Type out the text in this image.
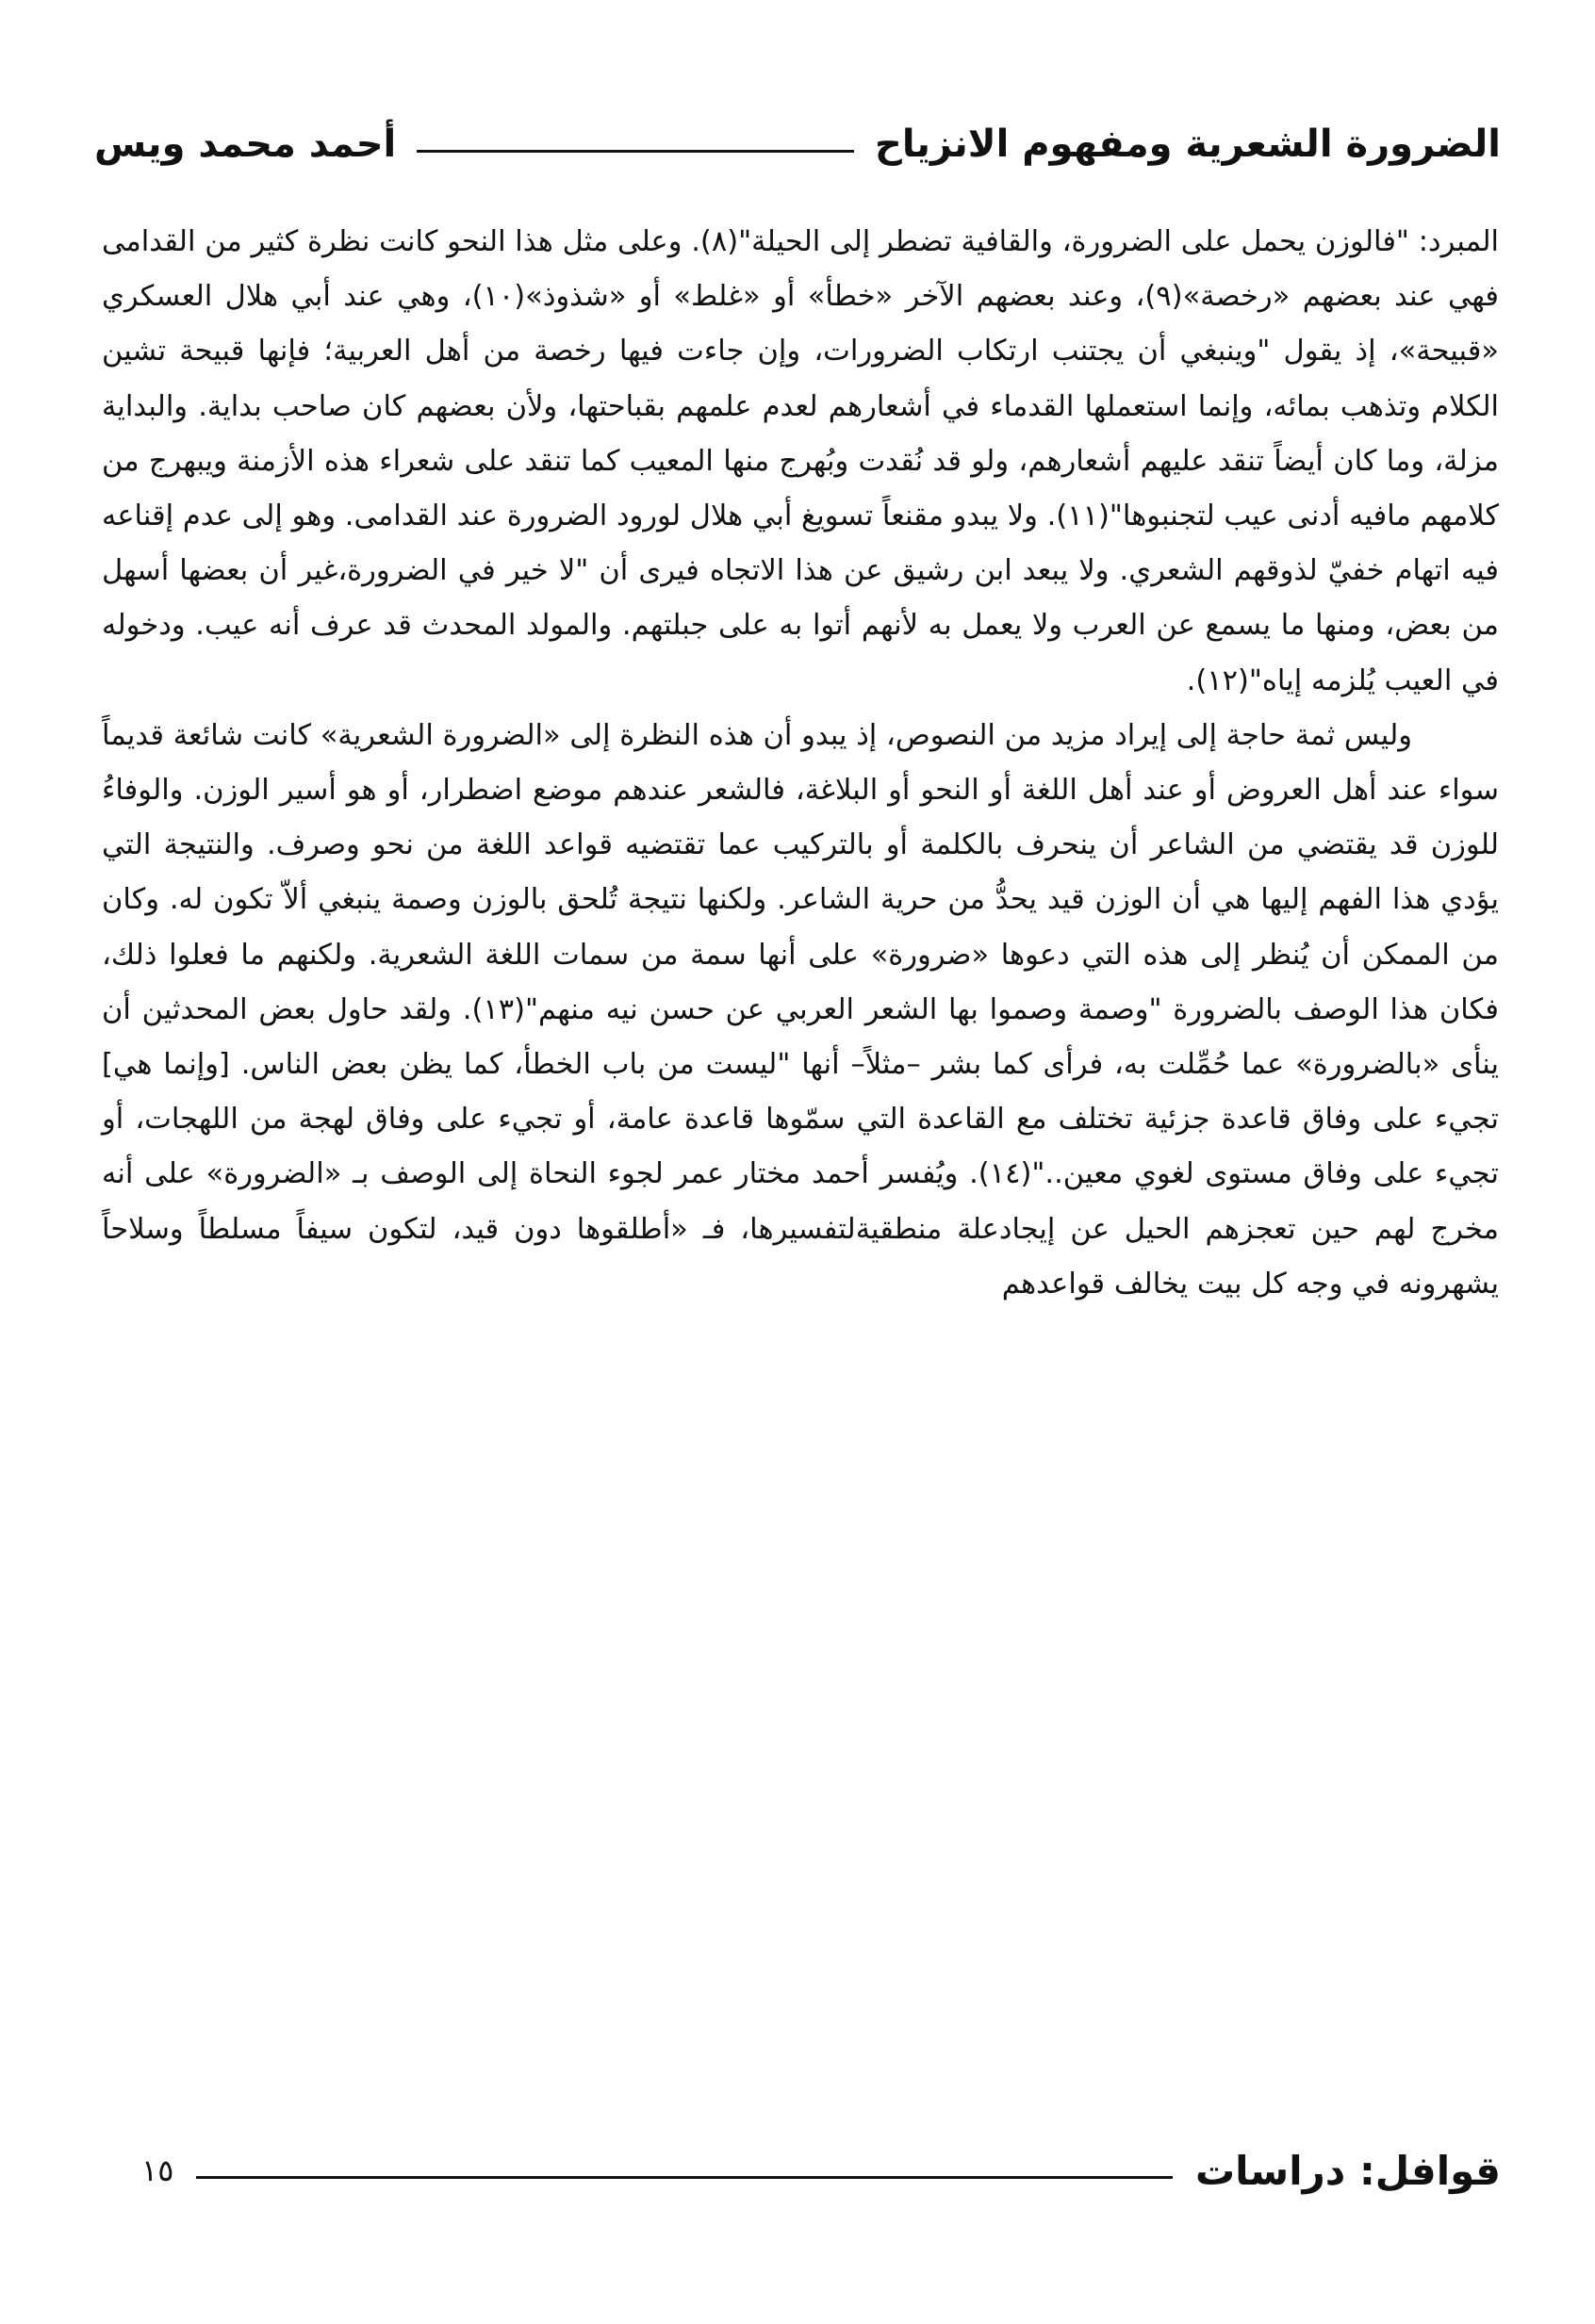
الضرورة الشعرية ومفهوم الانزياح
أحمد محمد ويس

المبرد: "فالوزن يحمل على الضرورة، والقافية تضطر إلى الحيلة"(٨). وعلى مثل هذا النحو كانت نظرة كثير من القدامى فهي عند بعضهم «رخصة»(٩)، وعند بعضهم الآخر «خطأ» أو «غلط» أو «شذوذ»(١٠)، وهي عند أبي هلال العسكري «قبيحة»، إذ يقول "وينبغي أن يجتنب ارتكاب الضرورات، وإن جاءت فيها رخصة من أهل العربية؛ فإنها قبيحة تشين الكلام وتذهب بمائه، وإنما استعملها القدماء في أشعارهم لعدم علمهم بقباحتها، ولأن بعضهم كان صاحب بداية. والبداية مزلة، وما كان أيضاً تنقد عليهم أشعارهم، ولو قد نُقدت وبُهرج منها المعيب كما تنقد على شعراء هذه الأزمنة ويبهرج من كلامهم مافيه أدنى عيب لتجنبوها"(١١). ولا يبدو مقنعاً تسويغ أبي هلال لورود الضرورة عند القدامى. وهو إلى عدم إقناعه فيه اتهام خفيّ لذوقهم الشعري. ولا يبعد ابن رشيق عن هذا الاتجاه فيرى أن "لا خير في الضرورة،غير أن بعضها أسهل من بعض، ومنها ما يسمع عن العرب ولا يعمل به لأنهم أتوا به على جبلتهم. والمولد المحدث قد عرف أنه عيب. ودخوله في العيب يُلزمه إياه"(١٢).

وليس ثمة حاجة إلى إيراد مزيد من النصوص، إذ يبدو أن هذه النظرة إلى «الضرورة الشعرية» كانت شائعة قديماً سواء عند أهل العروض أو عند أهل اللغة أو النحو أو البلاغة، فالشعر عندهم موضع اضطرار، أو هو أسير الوزن. والوفاءُ للوزن قد يقتضي من الشاعر أن ينحرف بالكلمة أو بالتركيب عما تقتضيه قواعد اللغة من نحو وصرف. والنتيجة التي يؤدي هذا الفهم إليها هي أن الوزن قيد يحدُّ من حرية الشاعر. ولكنها نتيجة تُلحق بالوزن وصمة ينبغي ألاّ تكون له. وكان من الممكن أن يُنظر إلى هذه التي دعوها «ضرورة» على أنها سمة من سمات اللغة الشعرية. ولكنهم ما فعلوا ذلك، فكان هذا الوصف بالضرورة "وصمة وصموا بها الشعر العربي عن حسن نيه منهم"(١٣). ولقد حاول بعض المحدثين أن ينأى «بالضرورة» عما حُمِّلت به، فرأى كما بشر –مثلاً– أنها "ليست من باب الخطأ، كما يظن بعض الناس. [وإنما هي] تجيء على وفاق قاعدة جزئية تختلف مع القاعدة التي سمّوها قاعدة عامة، أو تجيء على وفاق لهجة من اللهجات، أو تجيء على وفاق مستوى لغوي معين.."(١٤). ويُفسر أحمد مختار عمر لجوء النحاة إلى الوصف بـ «الضرورة» على أنه مخرج لهم حين تعجزهم الحيل عن إيجادعلة منطقيةلتفسيرها، فـ «أطلقوها دون قيد، لتكون سيفاً مسلطاً وسلاحاً يشهرونه في وجه كل بيت يخالف قواعدهم

قوافل: دراسات
١٥
